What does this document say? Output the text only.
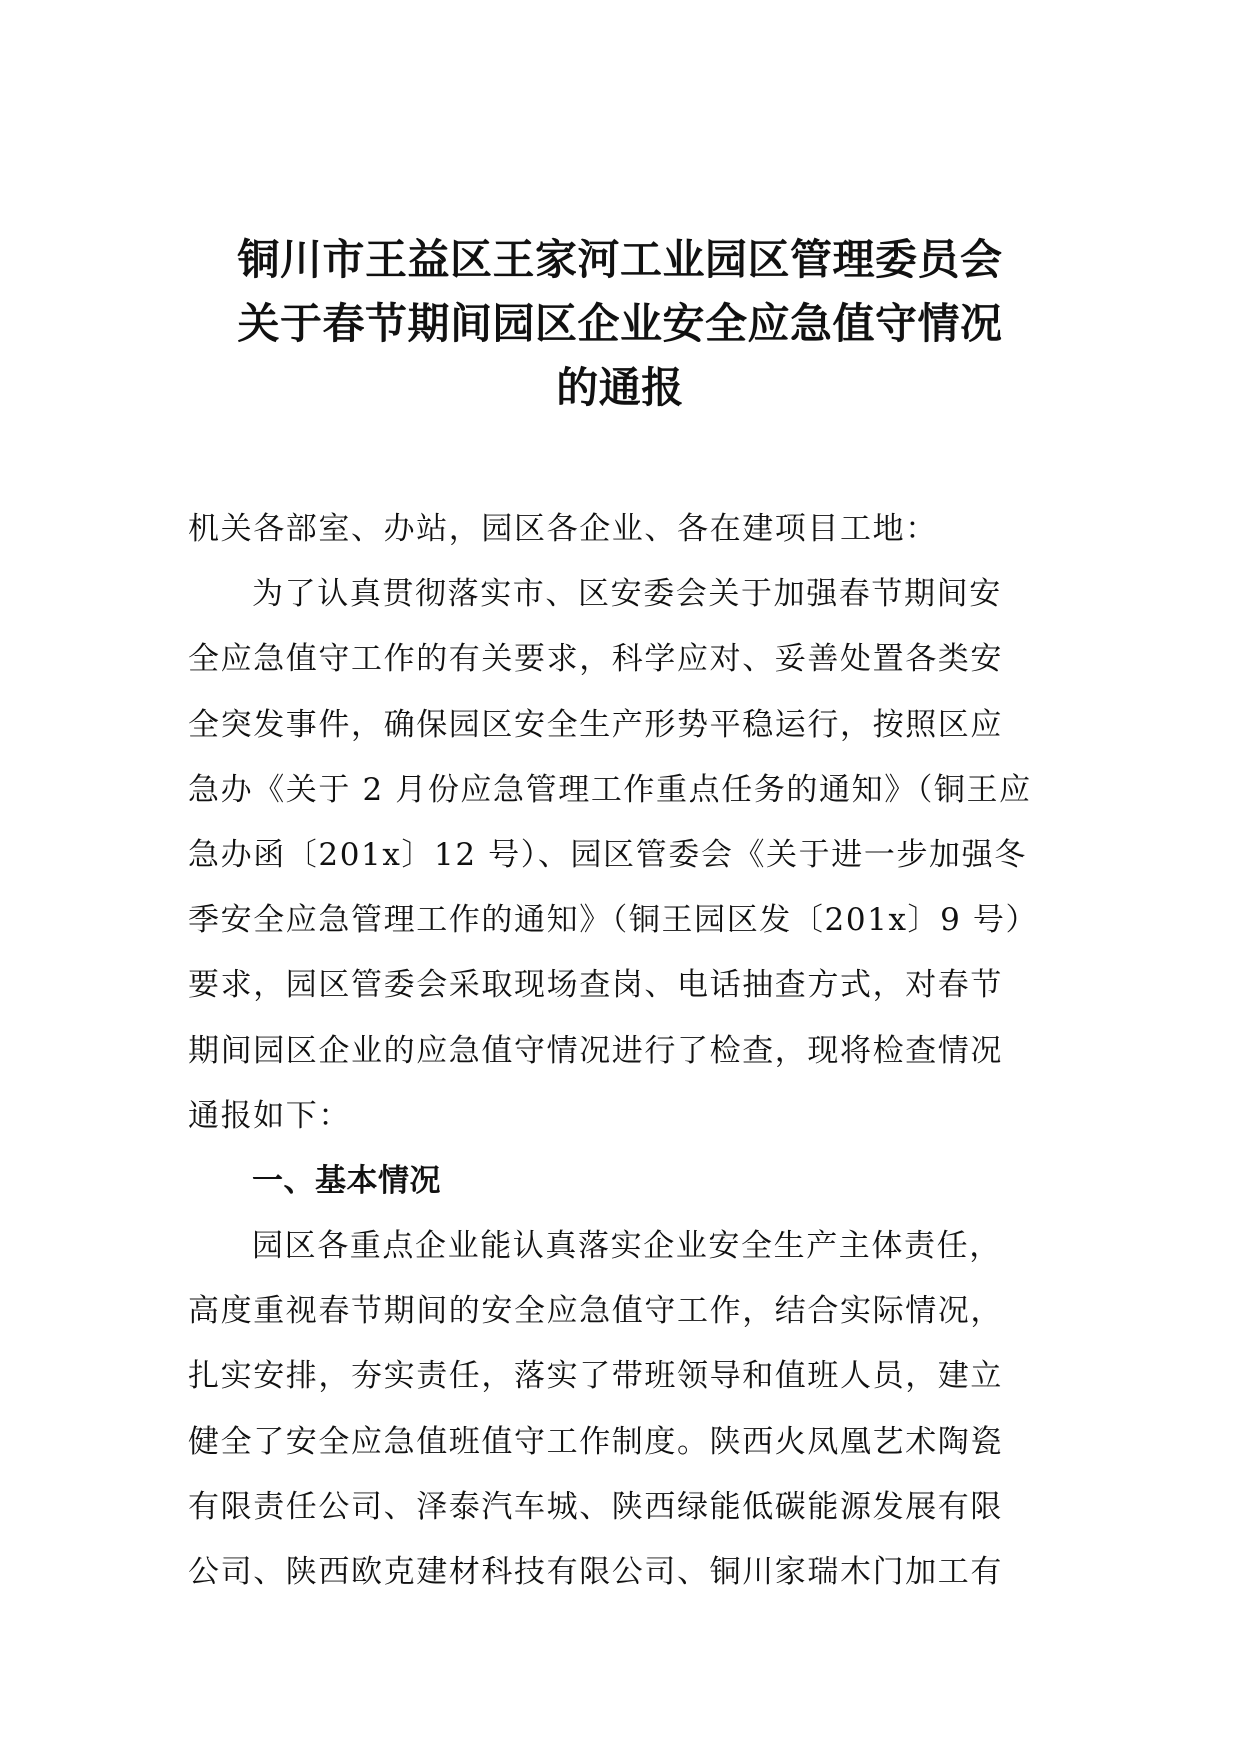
铜川市王益区王家河工业园区管理委员会
关于春节期间园区企业安全应急值守情况
的通报
机关各部室、办站，园区各企业、各在建项目工地：
为了认真贯彻落实市、区安委会关于加强春节期间安
全应急值守工作的有关要求，科学应对、妥善处置各类安
全突发事件，确保园区安全生产形势平稳运行，按照区应
急办《关于 2 月份应急管理工作重点任务的通知》（铜王应
急办函〔201x〕12 号）、园区管委会《关于进一步加强冬
季安全应急管理工作的通知》（铜王园区发〔201x〕9 号）
要求，园区管委会采取现场查岗、电话抽查方式，对春节
期间园区企业的应急值守情况进行了检查，现将检查情况
通报如下：
一、基本情况
园区各重点企业能认真落实企业安全生产主体责任，
高度重视春节期间的安全应急值守工作，结合实际情况，
扎实安排，夯实责任，落实了带班领导和值班人员，建立
健全了安全应急值班值守工作制度。陕西火凤凰艺术陶瓷
有限责任公司、泽泰汽车城、陕西绿能低碳能源发展有限
公司、陕西欧克建材科技有限公司、铜川家瑞木门加工有
